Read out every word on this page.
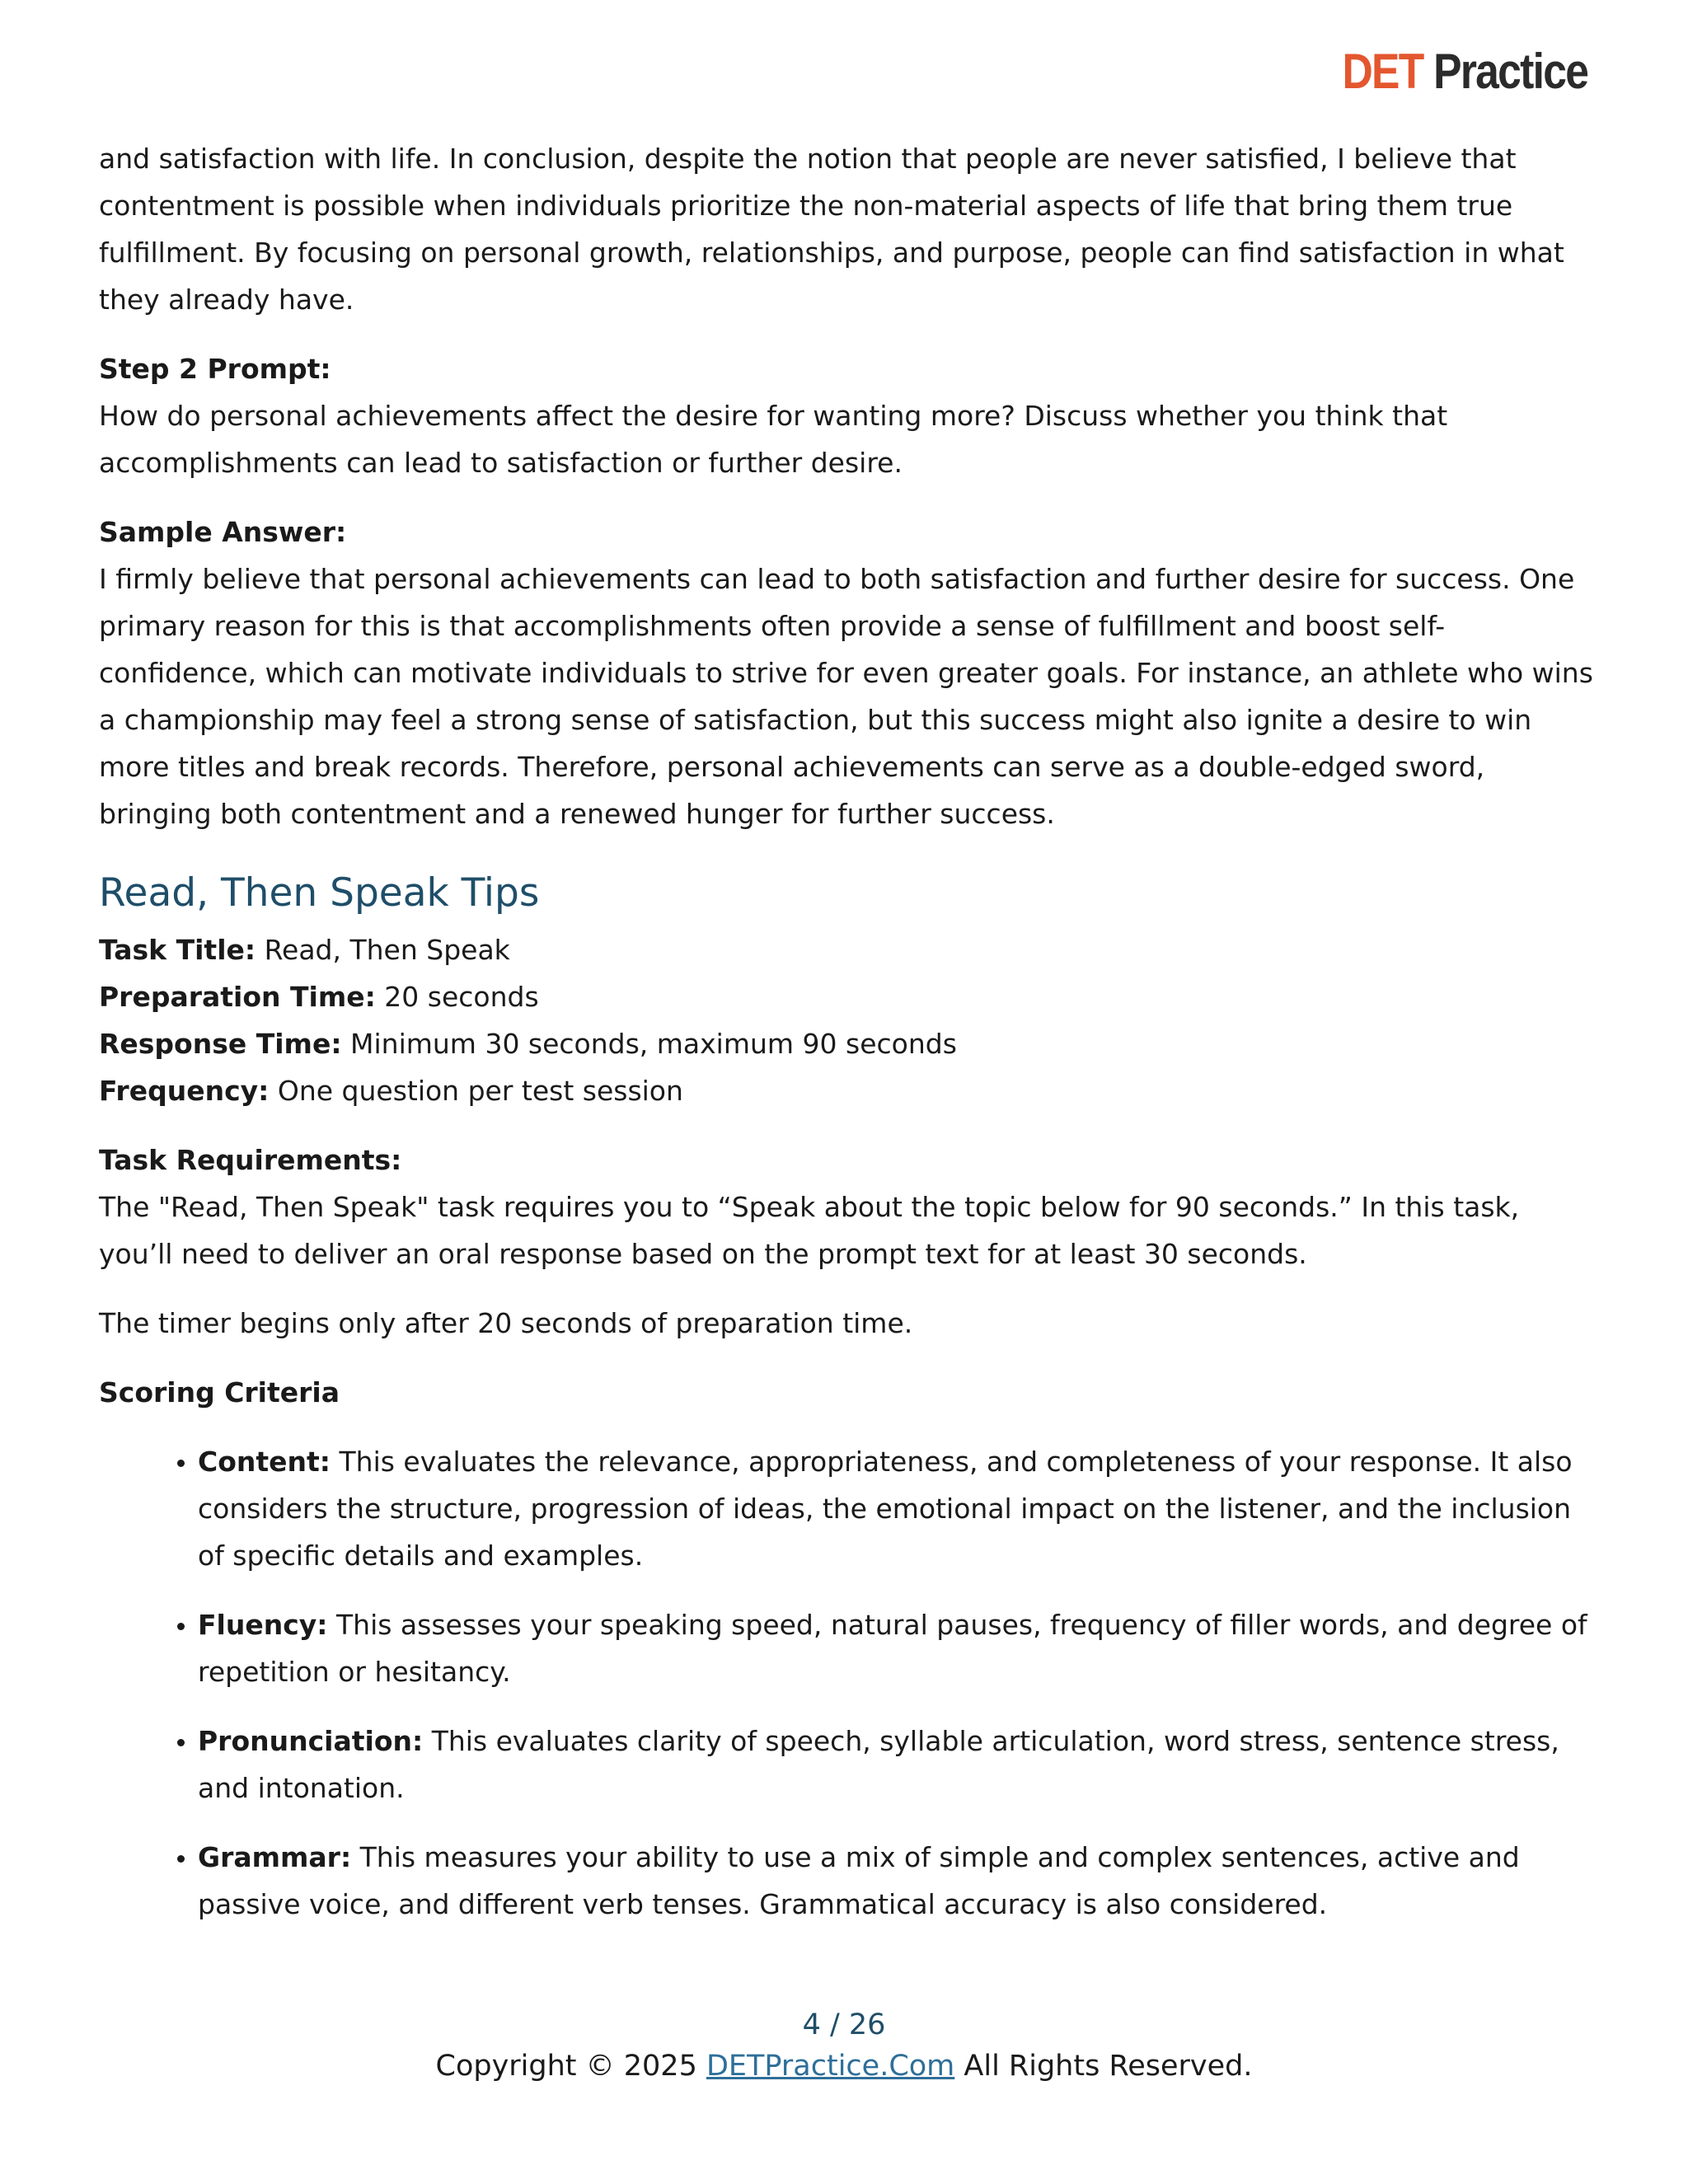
DET Practice

and satisfaction with life. In conclusion, despite the notion that people are never satisfied, I believe that contentment is possible when individuals prioritize the non-material aspects of life that bring them true fulfillment. By focusing on personal growth, relationships, and purpose, people can find satisfaction in what they already have.

Step 2 Prompt:

How do personal achievements affect the desire for wanting more? Discuss whether you think that accomplishments can lead to satisfaction or further desire.

Sample Answer:

I firmly believe that personal achievements can lead to both satisfaction and further desire for success. One primary reason for this is that accomplishments often provide a sense of fulfillment and boost self-confidence, which can motivate individuals to strive for even greater goals. For instance, an athlete who wins a championship may feel a strong sense of satisfaction, but this success might also ignite a desire to win more titles and break records. Therefore, personal achievements can serve as a double-edged sword, bringing both contentment and a renewed hunger for further success.

Read, Then Speak Tips

Task Title: Read, Then Speak

Preparation Time: 20 seconds

Response Time: Minimum 30 seconds, maximum 90 seconds

Frequency: One question per test session

Task Requirements:

The "Read, Then Speak" task requires you to “Speak about the topic below for 90 seconds.” In this task, you’ll need to deliver an oral response based on the prompt text for at least 30 seconds.

The timer begins only after 20 seconds of preparation time.

Scoring Criteria

• Content: This evaluates the relevance, appropriateness, and completeness of your response. It also considers the structure, progression of ideas, the emotional impact on the listener, and the inclusion of specific details and examples.
• Fluency: This assesses your speaking speed, natural pauses, frequency of filler words, and degree of repetition or hesitancy.
• Pronunciation: This evaluates clarity of speech, syllable articulation, word stress, sentence stress, and intonation.
• Grammar: This measures your ability to use a mix of simple and complex sentences, active and passive voice, and different verb tenses. Grammatical accuracy is also considered.
4 / 26
Copyright © 2025 DETPractice.Com All Rights Reserved.
